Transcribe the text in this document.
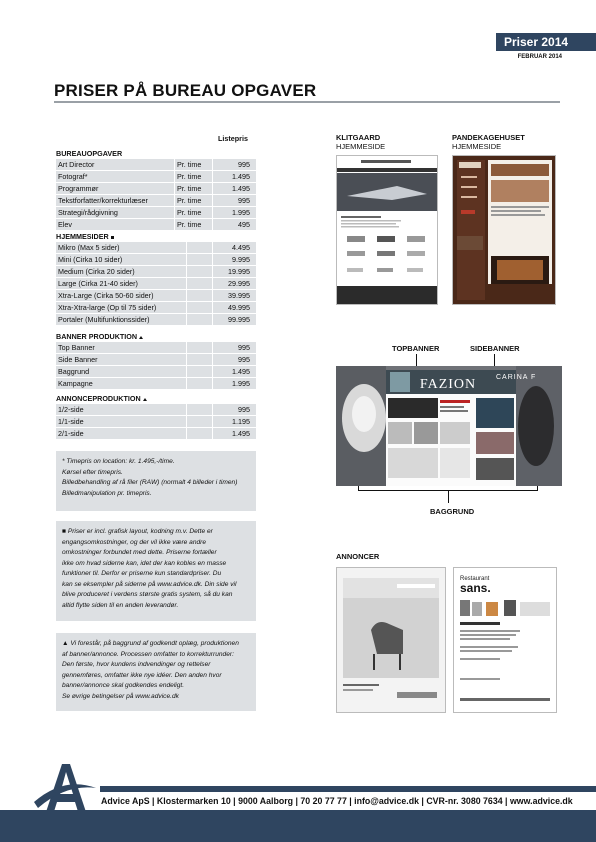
Priser 2014
FEBRUAR 2014
PRISER PÅ BUREAU OPGAVER
Listepris
BUREAUOPGAVER
Art Director	Pr. time	995
Fotograf*	Pr. time	1.495
Programmør	Pr. time	1.495
Tekstforfatter/korrekturlæser	Pr. time	995
Strategi/rådgivning	Pr. time	1.995
Elev	Pr. time	495
HJEMMESIDER
Mikro (Max 5 sider)	4.495
Mini (Cirka 10 sider)	9.995
Medium (Cirka 20 sider)	19.995
Large (Cirka 21-40 sider)	29.995
Xtra-Large (Cirka 50-60 sider)	39.995
Xtra-Xtra-large (Op til 75 sider)	49.995
Portaler (Multifunktionssider)	99.995
BANNER PRODUKTION
Top Banner	995
Side Banner	995
Baggrund	1.495
Kampagne	1.995
ANNONCEPRODUKTION
1/2-side	995
1/1-side	1.195
2/1-side	1.495

* Timepris on location: kr. 1.495,-/time.

Kørsel efter timepris.

Billedbehandling af rå filer (RAW) (normalt 4 billeder i timen)

Billedmanipulation pr. timepris.

■ Priser er incl. grafisk layout, kodning m.v. Dette er

engangsomkostninger, og der vil ikke være andre

omkostninger forbundet med dette. Priserne fortæller

ikke om hvad siderne kan, idet der kan kobles en masse

funktioner til. Derfor er priserne kun standardpriser. Du

kan se eksempler på siderne på www.advice.dk. Din side vil

blive produceret i verdens største gratis system, så du kan

altid flytte siden til en anden leverandør.

▲ Vi forestår, på baggrund af godkendt oplæg, produktionen

af banner/annonce. Processen omfatter to korrekturrunder:

Den første, hvor kundens indvendinger og rettelser

gennemføres, omfatter ikke nye idéer. Den anden hvor

banner/annonce skal godkendes endeligt.

Se øvrige betingelser på www.advice.dk

KLITGAARD
HJEMMESIDE
PANDEKAGEHUSET
HJEMMESIDE
TOPBANNER	SIDEBANNER
FAZION	CARINA F
BAGGRUND
ANNONCER
Restaurant
sans.
Advice ApS | Klostermarken 10 | 9000 Aalborg | 70 20 77 77 | info@advice.dk | CVR-nr. 3080 7634 | www.advice.dk
